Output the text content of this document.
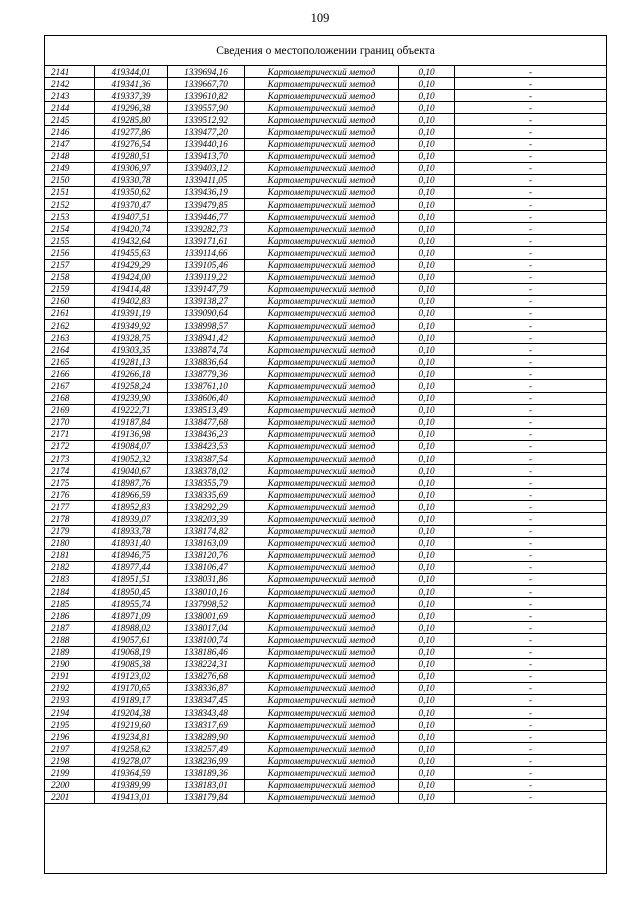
109
Сведения о местоположении границ объекта
2141	419344,01	1339694,16	Картометрический метод	0,10	-
2142	419341,36	1339667,70	Картометрический метод	0,10	-
2143	419337,39	1339610,82	Картометрический метод	0,10	-
2144	419296,38	1339557,90	Картометрический метод	0,10	-
2145	419285,80	1339512,92	Картометрический метод	0,10	-
2146	419277,86	1339477,20	Картометрический метод	0,10	-
2147	419276,54	1339440,16	Картометрический метод	0,10	-
2148	419280,51	1339413,70	Картометрический метод	0,10	-
2149	419306,97	1339403,12	Картометрический метод	0,10	-
2150	419330,78	1339411,05	Картометрический метод	0,10	-
2151	419350,62	1339436,19	Картометрический метод	0,10	-
2152	419370,47	1339479,85	Картометрический метод	0,10	-
2153	419407,51	1339446,77	Картометрический метод	0,10	-
2154	419420,74	1339282,73	Картометрический метод	0,10	-
2155	419432,64	1339171,61	Картометрический метод	0,10	-
2156	419455,63	1339114,66	Картометрический метод	0,10	-
2157	419429,29	1339105,46	Картометрический метод	0,10	-
2158	419424,00	1339119,22	Картометрический метод	0,10	-
2159	419414,48	1339147,79	Картометрический метод	0,10	-
2160	419402,83	1339138,27	Картометрический метод	0,10	-
2161	419391,19	1339090,64	Картометрический метод	0,10	-
2162	419349,92	1338998,57	Картометрический метод	0,10	-
2163	419328,75	1338941,42	Картометрический метод	0,10	-
2164	419303,35	1338874,74	Картометрический метод	0,10	-
2165	419281,13	1338836,64	Картометрический метод	0,10	-
2166	419266,18	1338779,36	Картометрический метод	0,10	-
2167	419258,24	1338761,10	Картометрический метод	0,10	-
2168	419239,90	1338606,40	Картометрический метод	0,10	-
2169	419222,71	1338513,49	Картометрический метод	0,10	-
2170	419187,84	1338477,68	Картометрический метод	0,10	-
2171	419136,98	1338436,23	Картометрический метод	0,10	-
2172	419084,07	1338423,53	Картометрический метод	0,10	-
2173	419052,32	1338387,54	Картометрический метод	0,10	-
2174	419040,67	1338378,02	Картометрический метод	0,10	-
2175	418987,76	1338355,79	Картометрический метод	0,10	-
2176	418966,59	1338335,69	Картометрический метод	0,10	-
2177	418952,83	1338292,29	Картометрический метод	0,10	-
2178	418939,07	1338203,39	Картометрический метод	0,10	-
2179	418933,78	1338174,82	Картометрический метод	0,10	-
2180	418931,40	1338163,09	Картометрический метод	0,10	-
2181	418946,75	1338120,76	Картометрический метод	0,10	-
2182	418977,44	1338106,47	Картометрический метод	0,10	-
2183	418951,51	1338031,86	Картометрический метод	0,10	-
2184	418950,45	1338010,16	Картометрический метод	0,10	-
2185	418955,74	1337998,52	Картометрический метод	0,10	-
2186	418971,09	1338001,69	Картометрический метод	0,10	-
2187	418988,02	1338017,04	Картометрический метод	0,10	-
2188	419057,61	1338100,74	Картометрический метод	0,10	-
2189	419068,19	1338186,46	Картометрический метод	0,10	-
2190	419085,38	1338224,31	Картометрический метод	0,10	-
2191	419123,02	1338276,68	Картометрический метод	0,10	-
2192	419170,65	1338336,87	Картометрический метод	0,10	-
2193	419189,17	1338347,45	Картометрический метод	0,10	-
2194	419204,38	1338343,48	Картометрический метод	0,10	-
2195	419219,60	1338317,69	Картометрический метод	0,10	-
2196	419234,81	1338289,90	Картометрический метод	0,10	-
2197	419258,62	1338257,49	Картометрический метод	0,10	-
2198	419278,07	1338236,99	Картометрический метод	0,10	-
2199	419364,59	1338189,36	Картометрический метод	0,10	-
2200	419389,99	1338183,01	Картометрический метод	0,10	-
2201	419413,01	1338179,84	Картометрический метод	0,10	-
